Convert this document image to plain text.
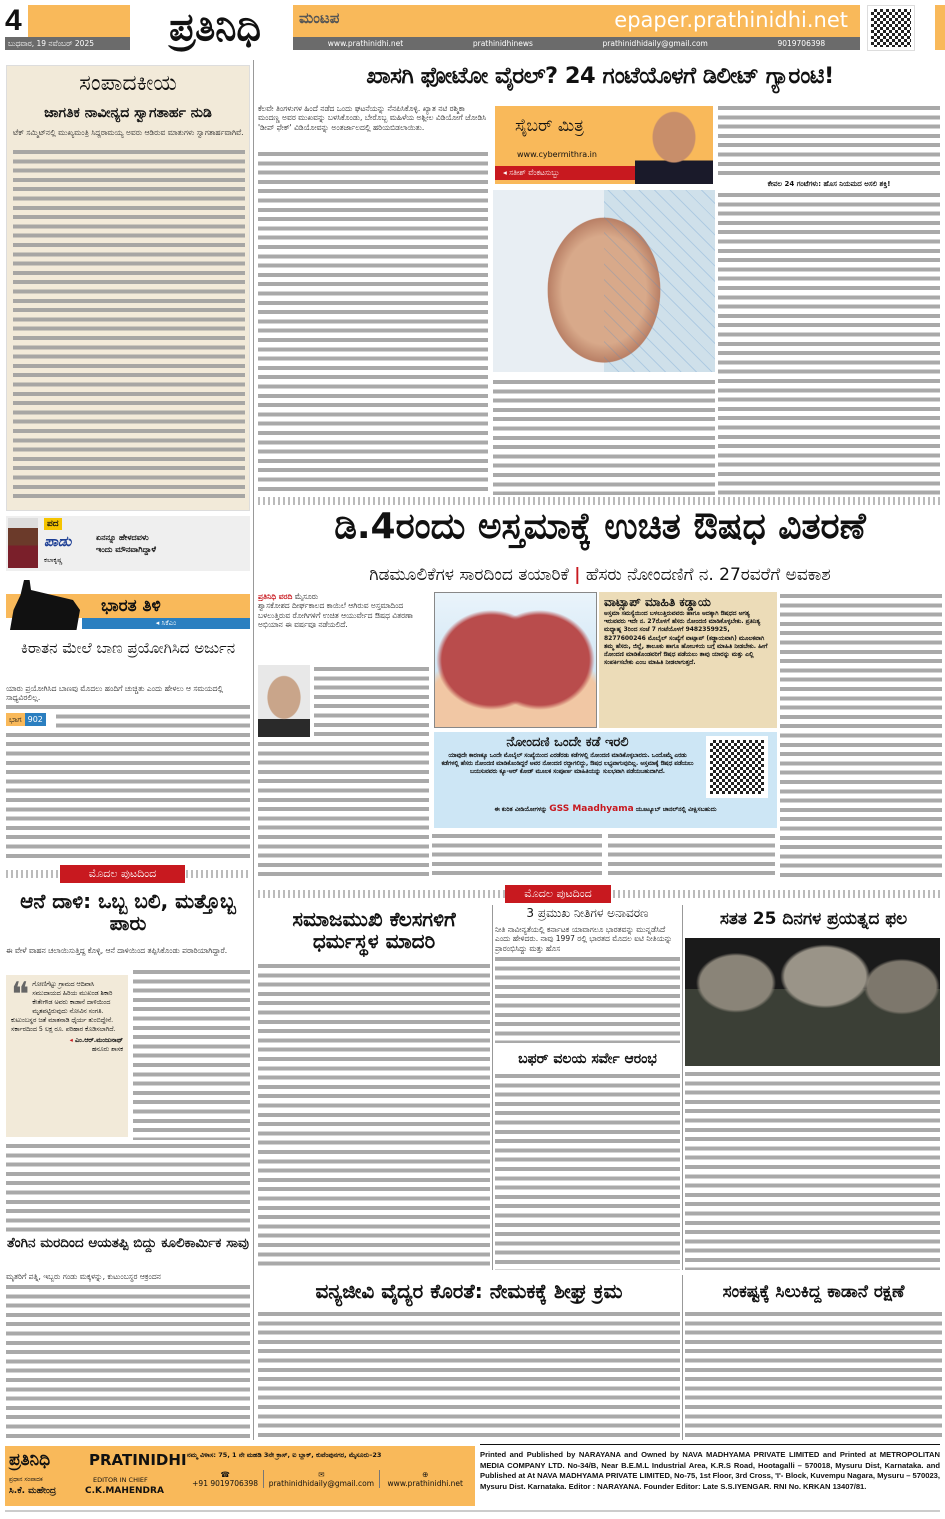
4
ಬುಧವಾರ, 19 ನವೆಂಬರ್ 2025	ಪ್ರತಿನಿಧಿ	ಮಂಟಪ	epaper.prathinidhi.net
www.prathinidhi.net	prathinidhinews	prathinidhidaily@gmail.com	9019706398
ಸಂಪಾದಕೀಯ
ಜಾಗತಿಕ ನಾವೀನ್ಯದ ಸ್ವಾಗತಾರ್ಹ ನುಡಿ
ಟೆಕ್ ಸಮ್ಮಿಟ್‌ನಲ್ಲಿ ಮುಖ್ಯಮಂತ್ರಿ ಸಿದ್ದರಾಮಯ್ಯ ಅವರು ಆಡಿರುವ ಮಾತುಗಳು ಸ್ವಾಗತಾರ್ಹವಾಗಿವೆ.
ಪದ
ಪಾಡು
ಕಲಾಕೃಷ್ಣ
ಏನನ್ನೂ ಹೇಳದವಳು
ಇಂದು ಮೌನವಾಗಿದ್ದಾಳೆ
◂ ಸಿಕೆಎಂ
ಭಾರತ ತಿಳಿ
ಕಿರಾತನ ಮೇಲೆ ಬಾಣ ಪ್ರಯೋಗಿಸಿದ ಅರ್ಜುನ
ಯಾರು ಪ್ರಯೋಗಿಸಿದ ಬಾಣವು ಮೊದಲು ಹಂದಿಗೆ ಚುಚ್ಚಿತು ಎಂದು ಹೇಳಲು ಆ ಸಮಯದಲ್ಲಿ ಸಾಧ್ಯವಿರಲಿಲ್ಲ.
ಭಾಗ 902
ಮೊದಲ ಪುಟದಿಂದ
ಆನೆ ದಾಳಿ: ಒಬ್ಬ ಬಲಿ, ಮತ್ತೊಬ್ಬ ಪಾರು
ಈ ವೇಳೆ ವಾಹನ ಚಲಾಯಿಸುತ್ತಿದ್ದ ಕೊಳ್ಳಿ, ಆನೆ ದಾಳಿಯಿಂದ ತಪ್ಪಿಸಿಕೊಂಡು ಪರಾರಿಯಾಗಿದ್ದಾರೆ.
❝ ಗೋಣಿಗೆಟ್ಟು ಗ್ರಾಮದ ಆದಿವಾಸಿ ಸಮುದಾಯದ ಹಿರಿಯ ಮುಖಂಡ ಶಿಕಾರಿ ಕೇತೇಗೌಡ ಅವರು ಕಾಡಾನೆ ದಾಳಿಯಿಂದ ಮೃತಪಟ್ಟಿರುವುದು ನೋವಿನ ಸಂಗತಿ. ಕುಟುಂಬಸ್ಥರ ಜತೆ ಮಾತನಾಡಿ ಧೈರ್ಯ ತುಂಬಿದ್ದೇನೆ. ಸರ್ಕಾರದಿಂದ 5 ಲಕ್ಷ ರೂ. ಪರಿಹಾರ ಕೊಡಿಸಲಾಗಿದೆ.
◂ ಎಂ.ಆರ್.ಮಂಜುನಾಥ್
ಹನೂರು ಶಾಸಕ
ತೆಂಗಿನ ಮರದಿಂದ ಆಯತಪ್ಪಿ ಬಿದ್ದು ಕೂಲಿಕಾರ್ಮಿಕ ಸಾವು
ಮೃತರಿಗೆ ಪತ್ನಿ, ಇಬ್ಬರು ಗಂಡು ಮಕ್ಕಳನ್ನು, ಕುಟುಂಬಸ್ಥರ ಆಕ್ರಂದನ
ಖಾಸಗಿ ಫೋಟೋ ವೈರಲ್? 24 ಗಂಟೆಯೊಳಗೆ ಡಿಲೀಟ್ ಗ್ಯಾರಂಟಿ!
ಕೆಲವೇ ತಿಂಗಳುಗಳ ಹಿಂದೆ ನಡೆದ ಒಂದು ಘಟನೆಯನ್ನು ನೆನಪಿಸಿಕೊಳ್ಳಿ. ಖ್ಯಾತ ನಟಿ ರಶ್ಮಿಕಾ ಮಂದಣ್ಣ ಅವರ ಮುಖವನ್ನು ಬಳಸಿಕೊಂಡು, ಬೇರೊಬ್ಬ ಮಹಿಳೆಯ ಅಶ್ಲೀಲ ವಿಡಿಯೋಗೆ ಜೋಡಿಸಿ 'ಡೀಪ್ ಫೇಕ್' ವಿಡಿಯೋವನ್ನು ಅಂತರ್ಜಾಲದಲ್ಲಿ ಹರಿಯಬಿಡಲಾಯಿತು.	ಸೈಬರ್ ಮಿತ್ರ
www.cybermithra.in
◂ ಸತೀಶ್ ವೆಂಕಟಸುಬ್ಬು
ಕೇವಲ 24 ಗಂಟೆಗಳು: ಹೊಸ ನಿಯಮದ ಅಸಲಿ ಶಕ್ತಿ!
ಡಿ.4ರಂದು ಅಸ್ತಮಾಕ್ಕೆ ಉಚಿತ ಔಷಧ ವಿತರಣೆ
ಗಿಡಮೂಲಿಕೆಗಳ ಸಾರದಿಂದ ತಯಾರಿಕೆ | ಹೆಸರು ನೋಂದಣಿಗೆ ನ. 27ರವರೆಗೆ ಅವಕಾಶ
ಪ್ರತಿನಿಧಿ ವರದಿ ಮೈಸೂರು
ಶ್ವಾಸಕೋಶದ ದೀರ್ಘಕಾಲದ ಕಾಯಿಲೆ ಆಗಿರುವ ಅಸ್ತಮಾದಿಂದ ಬಳಲುತ್ತಿರುವ ರೋಗಿಗಳಿಗೆ ಉಚಿತ ಆಯುರ್ವೇದ ಔಷಧ ವಿತರಣಾ ಅಭಿಯಾನ ಈ ವರ್ಷವೂ ನಡೆಯಲಿದೆ.
ವಾಟ್ಸಾಪ್ ಮಾಹಿತಿ ಕಡ್ಡಾಯ
ಅಸ್ತಮಾ ಸಮಸ್ಯೆಯಿಂದ ಬಳಲುತ್ತಿರುವವರು ಹಾಗೂ ಅದಕ್ಕಾಗಿ ಔಷಧದ ಅಗತ್ಯ ಇರುವವರು ಇದೇ ನ. 27ರೊಳಗೆ ಹೆಸರು ನೋಂದಣಿ ಮಾಡಿಕೊಳ್ಳಬೇಕು. ಪ್ರತಿನಿತ್ಯ ಮಧ್ಯಾಹ್ನ 3ರಿಂದ ಸಂಜೆ 7 ಗಂಟೆಯೊಳಗೆ 9482359925, 8277600246 ಮೊಬೈಲ್ ಸಂಖ್ಯೆಗೆ ವಾಟ್ಸಾಪ್ (ಕಡ್ಡಾಯವಾಗಿ) ಮೂಲಕವಾಗಿ ತಮ್ಮ ಹೆಸರು, ಜಿಲ್ಲೆ, ತಾಲೂಕು ಹಾಗೂ ಹೋಬಳಿಯ ಬಗ್ಗೆ ಮಾಹಿತಿ ನೀಡಬೇಕು. ಹೀಗೆ ನೋಂದಣಿ ಮಾಡಿಕೊಂಡವರಿಗೆ ಔಷಧ ಪಡೆಯಲು ತಾವು ಯಾರನ್ನು ಮತ್ತು ಎಲ್ಲಿ ಸಂಪರ್ಕಿಸಬೇಕು ಎಂಬ ಮಾಹಿತಿ ನೀಡಲಾಗುತ್ತದೆ.
ನೋಂದಣಿ ಒಂದೇ ಕಡೆ ಇರಲಿ
ಯಾವುದೇ ಕಾರಣಕ್ಕೂ ಒಂದೇ ಮೊಬೈಲ್ ಸಂಖ್ಯೆಯಿಂದ ಎರಡೆರಡು ಕಡೆಗಳಲ್ಲಿ ನೋಂದಣಿ ಮಾಡಿಕೊಳ್ಳಬಾರದು. ಒಂದೊಮ್ಮೆ ಎರಡು ಕಡೆಗಳಲ್ಲಿ ಹೆಸರು ನೋಂದಣಿ ಮಾಡಿಕೊಂಡಿದ್ದರೆ ಅವರ ನೋಂದಣಿ ರದ್ದಾಗಲಿದ್ದು, ಔಷಧ ಲಭ್ಯವಾಗುವುದಿಲ್ಲ. ಅಸ್ತಮಾಕ್ಕೆ ಔಷಧ ಪಡೆಯಲು ಬಯಸುವವರು ಕ್ಯೂ-ಆರ್ ಕೋಡ್ ಮೂಲಕ ಸಂಪೂರ್ಣ ಮಾಹಿತಿಯನ್ನು ಸುಲಭವಾಗಿ ಪಡೆಯಬಹುದಾಗಿದೆ.
ಈ ಕುರಿತ ವೀಡಿಯೋಗಳನ್ನು GSS Maadhyama ಯೂಟ್ಯೂಬ್ ಚಾನಲ್‌ನಲ್ಲಿ ವೀಕ್ಷಿಸಬಹುದು
ಮೊದಲ ಪುಟದಿಂದ
ಸಮಾಜಮುಖಿ ಕೆಲಸಗಳಿಗೆ ಧರ್ಮಸ್ಥಳ ಮಾದರಿ
3 ಪ್ರಮುಖ ನೀತಿಗಳ ಅನಾವರಣ
ನೀತಿ ನಾವೀನ್ಯತೆಯಲ್ಲಿ ಕರ್ನಾಟಕ ಯಾವಾಗಲೂ ಭಾರತವನ್ನು ಮುನ್ನಡೆಸಿದೆ ಎಂದು ಹೇಳಿದರು. ನಾವು 1997 ರಲ್ಲಿ ಭಾರತದ ಮೊದಲ ಐಟಿ ನೀತಿಯನ್ನು ಪ್ರಾರಂಭಿಸಿದ್ದು ಮತ್ತು ಹೊಸ
ಬಫರ್ ವಲಯ ಸರ್ವೇ ಆರಂಭ
ಸತತ 25 ದಿನಗಳ ಪ್ರಯತ್ನದ ಫಲ
ವನ್ಯಜೀವಿ ವೈದ್ಯರ ಕೊರತೆ: ನೇಮಕಕ್ಕೆ ಶೀಘ್ರ ಕ್ರಮ	ಸಂಕಷ್ಟಕ್ಕೆ ಸಿಲುಕಿದ್ದ ಕಾಡಾನೆ ರಕ್ಷಣೆ
ಪ್ರತಿನಿಧಿ	PRATINIDHI
ಪ್ರಧಾನ ಸಂಪಾದಕ
ಸಿ.ಕೆ. ಮಹೇಂದ್ರ
EDITOR IN CHIEF
C.K.MAHENDRA
ನಮ್ಮ ವಿಳಾಸ: 75, 1 ನೇ ಮಹಡಿ 3ನೇ ಕ್ರಾಸ್, ಐ ಬ್ಲಾಕ್, ಕುವೆಂಪುನಗರ, ಮೈಸೂರು–23
☎
+91 9019706398
✉
prathinidhidaily@gmail.com
⊕
www.prathinidhi.net
Printed and Published by NARAYANA and Owned by NAVA MADHYAMA PRIVATE LIMITED and Printed at METROPOLITAN MEDIA COMPANY LTD. No-34/B, Near B.E.M.L Industrial Area, K.R.S Road, Hootagalli – 570018, Mysuru Dist, Karnataka. and Published at At NAVA MADHYAMA PRIVATE LIMITED, No-75, 1st Floor, 3rd Cross, 'I'- Block, Kuvempu Nagara, Mysuru – 570023, Mysuru Dist. Karnataka. Editor : NARAYANA. Founder Editor: Late S.S.IYENGAR. RNI No. KRKAN 13407/81.
